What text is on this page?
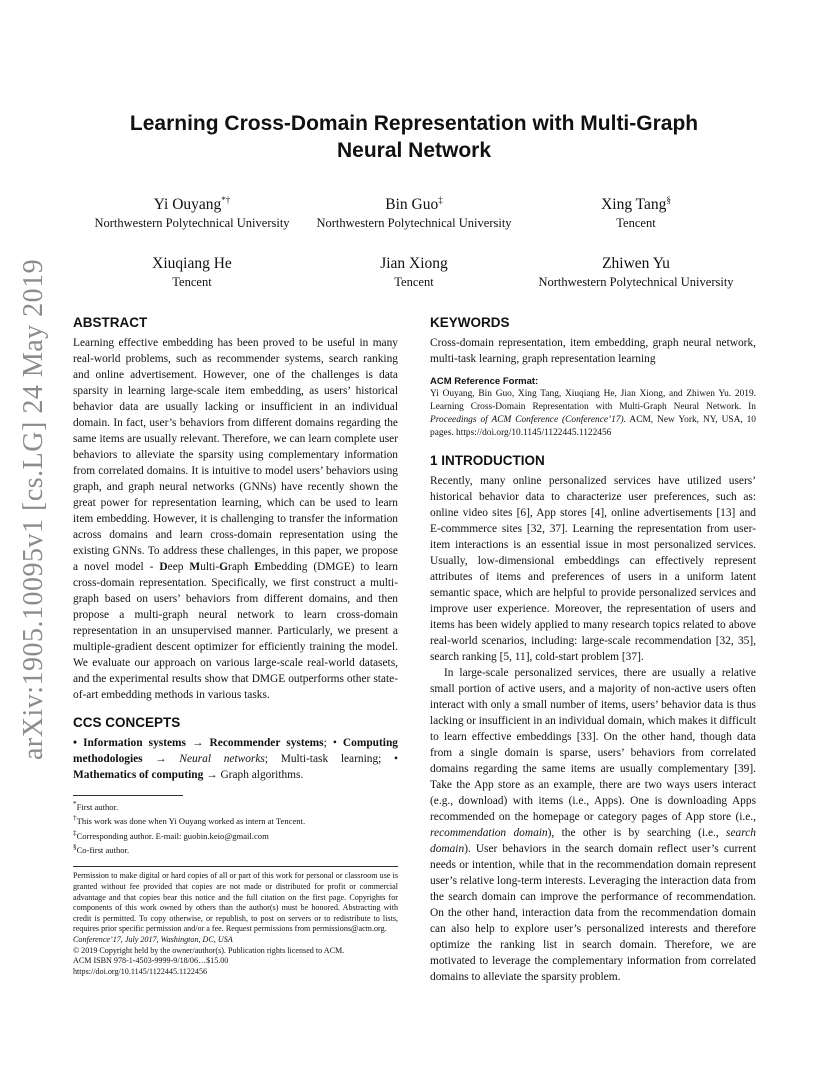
arXiv:1905.10095v1 [cs.LG] 24 May 2019
Learning Cross-Domain Representation with Multi-Graph Neural Network
Yi Ouyang*†
Northwestern Polytechnical University
Bin Guo‡
Northwestern Polytechnical University
Xing Tang§
Tencent
Xiuqiang He
Tencent
Jian Xiong
Tencent
Zhiwen Yu
Northwestern Polytechnical University
ABSTRACT

Learning effective embedding has been proved to be useful in many real-world problems, such as recommender systems, search ranking and online advertisement. However, one of the challenges is data sparsity in learning large-scale item embedding, as users’ historical behavior data are usually lacking or insufficient in an individual domain. In fact, user’s behaviors from different domains regarding the same items are usually relevant. Therefore, we can learn complete user behaviors to alleviate the sparsity using complementary information from correlated domains. It is intuitive to model users’ behaviors using graph, and graph neural networks (GNNs) have recently shown the great power for representation learning, which can be used to learn item embedding. However, it is challenging to transfer the information across domains and learn cross-domain representation using the existing GNNs. To address these challenges, in this paper, we propose a novel model - Deep Multi-Graph Embedding (DMGE) to learn cross-domain representation. Specifically, we first construct a multi-graph based on users’ behaviors from different domains, and then propose a multi-graph neural network to learn cross-domain representation in an unsupervised manner. Particularly, we present a multiple-gradient descent optimizer for efficiently training the model. We evaluate our approach on various large-scale real-world datasets, and the experimental results show that DMGE outperforms other state-of-art embedding methods in various tasks.

CCS CONCEPTS

• Information systems → Recommender systems; • Computing methodologies → Neural networks; Multi-task learning; • Mathematics of computing → Graph algorithms.

*First author.
†This work was done when Yi Ouyang worked as intern at Tencent.
‡Corresponding author. E-mail: guobin.keio@gmail.com
§Co-first author.
Permission to make digital or hard copies of all or part of this work for personal or classroom use is granted without fee provided that copies are not made or distributed for profit or commercial advantage and that copies bear this notice and the full citation on the first page. Copyrights for components of this work owned by others than the author(s) must be honored. Abstracting with credit is permitted. To copy otherwise, or republish, to post on servers or to redistribute to lists, requires prior specific permission and/or a fee. Request permissions from permissions@acm.org.
Conference’17, July 2017, Washington, DC, USA
© 2019 Copyright held by the owner/author(s). Publication rights licensed to ACM.
ACM ISBN 978-1-4503-9999-9/18/06…$15.00
https://doi.org/10.1145/1122445.1122456
KEYWORDS

Cross-domain representation, item embedding, graph neural network, multi-task learning, graph representation learning

ACM Reference Format:

Yi Ouyang, Bin Guo, Xing Tang, Xiuqiang He, Jian Xiong, and Zhiwen Yu. 2019. Learning Cross-Domain Representation with Multi-Graph Neural Network. In Proceedings of ACM Conference (Conference’17). ACM, New York, NY, USA, 10 pages. https://doi.org/10.1145/1122445.1122456

1 INTRODUCTION

Recently, many online personalized services have utilized users’ historical behavior data to characterize user preferences, such as: online video sites [6], App stores [4], online advertisements [13] and E-commmerce sites [32, 37]. Learning the representation from user-item interactions is an essential issue in most personalized services. Usually, low-dimensional embeddings can effectively represent attributes of items and preferences of users in a uniform latent semantic space, which are helpful to provide personalized services and improve user experience. Moreover, the representation of users and items has been widely applied to many research topics related to above real-world scenarios, including: large-scale recommendation [32, 35], search ranking [5, 11], cold-start problem [37].

In large-scale personalized services, there are usually a relative small portion of active users, and a majority of non-active users often interact with only a small number of items, users’ behavior data is thus lacking or insufficient in an individual domain, which makes it difficult to learn effective embeddings [33]. On the other hand, though data from a single domain is sparse, users’ behaviors from correlated domains regarding the same items are usually complementary [39]. Take the App store as an example, there are two ways users interact (e.g., download) with items (i.e., Apps). One is downloading Apps recommended on the homepage or category pages of App store (i.e., recommendation domain), the other is by searching (i.e., search domain). User behaviors in the search domain reflect user’s current needs or intention, while that in the recommendation domain represent user’s relative long-term interests. Leveraging the interaction data from the search domain can improve the performance of recommendation. On the other hand, interaction data from the recommendation domain can also help to explore user’s personalized interests and therefore optimize the ranking list in search domain. Therefore, we are motivated to leverage the complementary information from correlated domains to alleviate the sparsity problem.
